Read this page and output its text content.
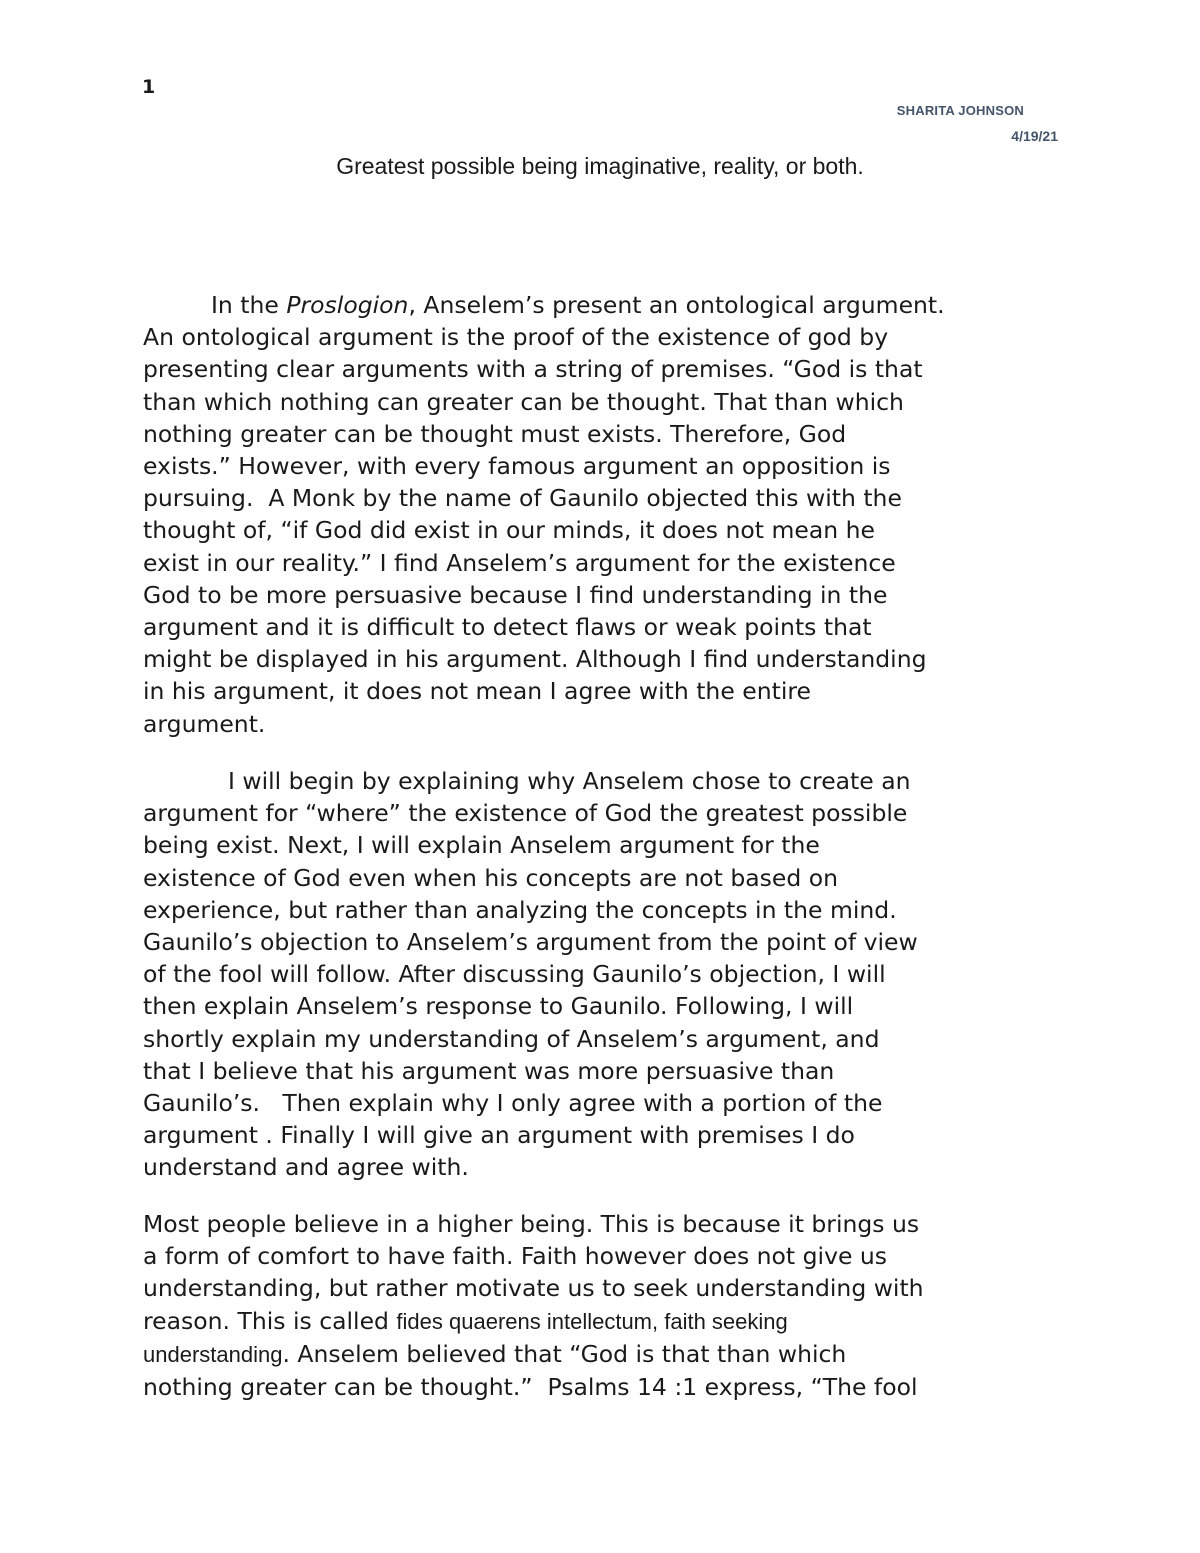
1
SHARITA JOHNSON
4/19/21
Greatest possible being imaginative, reality, or both.
In the Proslogion, Anselem’s present an ontological argument.
An ontological argument is the proof of the existence of god by
presenting clear arguments with a string of premises. “God is that
than which nothing can greater can be thought. That than which
nothing greater can be thought must exists. Therefore, God
exists.” However, with every famous argument an opposition is
pursuing.  A Monk by the name of Gaunilo objected this with the
thought of, “if God did exist in our minds, it does not mean he
exist in our reality.” I find Anselem’s argument for the existence
God to be more persuasive because I find understanding in the
argument and it is difficult to detect flaws or weak points that
might be displayed in his argument. Although I find understanding
in his argument, it does not mean I agree with the entire
argument.
I will begin by explaining why Anselem chose to create an
argument for “where” the existence of God the greatest possible
being exist. Next, I will explain Anselem argument for the
existence of God even when his concepts are not based on
experience, but rather than analyzing the concepts in the mind.
Gaunilo’s objection to Anselem’s argument from the point of view
of the fool will follow. After discussing Gaunilo’s objection, I will
then explain Anselem’s response to Gaunilo. Following, I will
shortly explain my understanding of Anselem’s argument, and
that I believe that his argument was more persuasive than
Gaunilo’s.   Then explain why I only agree with a portion of the
argument . Finally I will give an argument with premises I do
understand and agree with.
Most people believe in a higher being. This is because it brings us
a form of comfort to have faith. Faith however does not give us
understanding, but rather motivate us to seek understanding with
reason. This is called fides quaerens intellectum, faith seeking
understanding. Anselem believed that “God is that than which
nothing greater can be thought.”  Psalms 14 :1 express, “The fool
